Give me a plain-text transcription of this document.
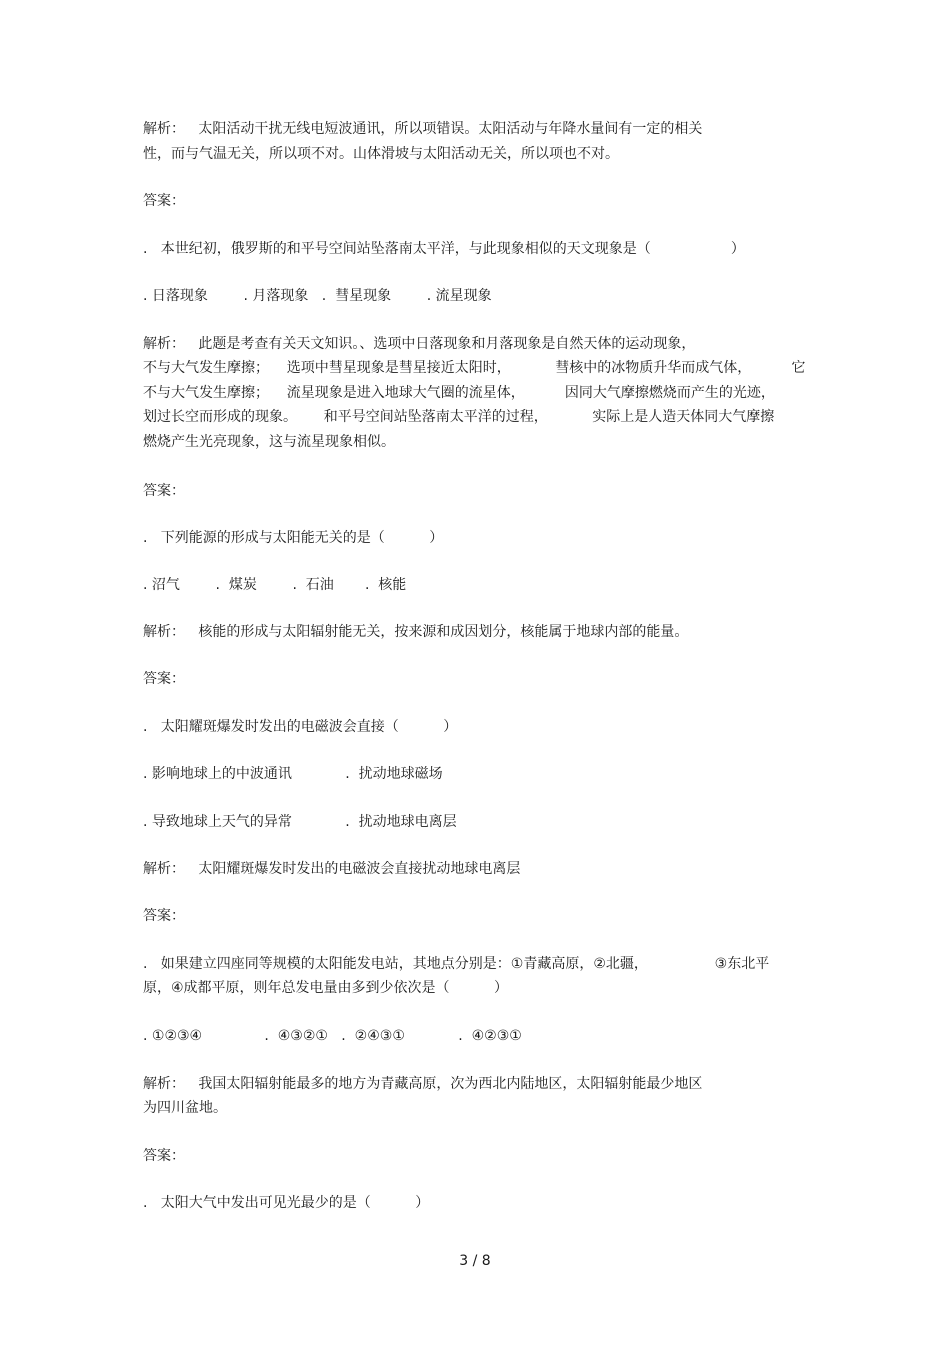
解析：   太阳活动干扰无线电短波通讯，所以项错误。太阳活动与年降水量间有一定的相关
性，而与气温无关，所以项不对。山体滑坡与太阳活动无关，所以项也不对。
答案：
.   本世纪初，俄罗斯的和平号空间站坠落南太平洋，与此现象相似的天文现象是（                  ）
. 日落现象        . 月落现象   .  彗星现象        . 流星现象
解析：   此题是考查有关天文知识。、选项中日落现象和月落现象是自然天体的运动现象，
不与大气发生摩擦；    选项中彗星现象是彗星接近太阳时，          彗核中的冰物质升华而成气体，         它
不与大气发生摩擦；    流星现象是进入地球大气圈的流星体，         因同大气摩擦燃烧而产生的光迹，
划过长空而形成的现象。      和平号空间站坠落南太平洋的过程，          实际上是人造天体同大气摩擦
燃烧产生光亮现象，这与流星现象相似。
答案：
.   下列能源的形成与太阳能无关的是（          ）
. 沼气        .  煤炭        .  石油       .  核能
解析：   核能的形成与太阳辐射能无关，按来源和成因划分，核能属于地球内部的能量。
答案：
.   太阳耀斑爆发时发出的电磁波会直接（          ）
. 影响地球上的中波通讯            .  扰动地球磁场
. 导致地球上天气的异常            .  扰动地球电离层
解析：   太阳耀斑爆发时发出的电磁波会直接扰动地球电离层
答案：
.   如果建立四座同等规模的太阳能发电站，其地点分别是：①青藏高原，②北疆，               ③东北平
原，④成都平原，则年总发电量由多到少依次是（          ）
. ①②③④              .  ④③②①   .  ②④③①            .  ④②③①
解析：   我国太阳辐射能最多的地方为青藏高原，次为西北内陆地区，太阳辐射能最少地区
为四川盆地。
答案：
.   太阳大气中发出可见光最少的是（          ）
3 / 8
